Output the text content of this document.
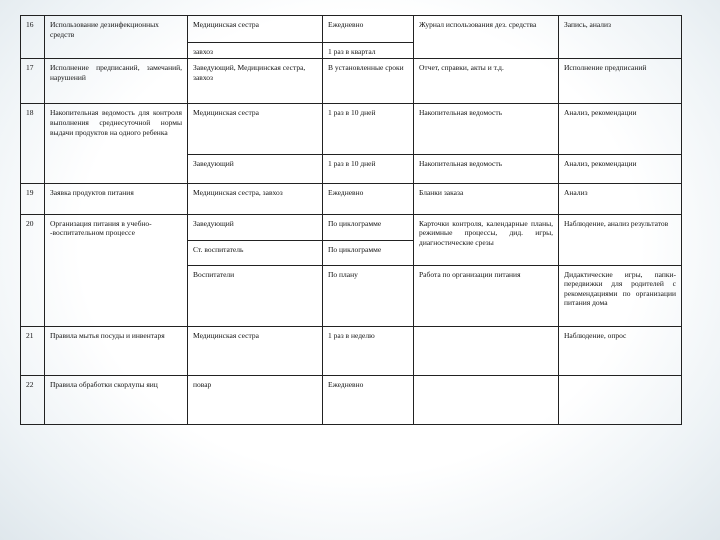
16	Использование дезинфекционных средств	Медицинская сестра	Ежедневно	Журнал использования дез. средства	Запись, анализ
		завхоз	1 раз в квартал		
17	Исполнение предписаний, замечаний, нарушений	Заведующий, Медицинская сестра, завхоз	В установленные сроки	Отчет, справки, акты и т.д.	Исполнение предписаний
18	Накопительная ведомость для контроля выполнения среднесуточной нормы выдачи продуктов на одного ребенка	Медицинская сестра	1 раз в 10 дней	Накопительная ведомость	Анализ, рекомендации
		Заведующий	1 раз в 10 дней	Накопительная ведомость	Анализ, рекомендации
19	Заявка продуктов питания	Медицинская сестра, завхоз	Ежедневно	Бланки заказа	Анализ
20	Организация питания в учебно- -воспитательном процессе	Заведующий	По циклограмме	Карточки контроля, календарные планы, режимные процессы, дид. игры, диагностические срезы	Наблюдение, анализ результатов
		Ст. воспитатель	По циклограмме		
		Воспитатели	По плану	Работа по организации питания	Дидактические игры, папки-передвижки для родителей с рекомендациями по организации питания дома
21	Правила мытья посуды и инвентаря	Медицинская сестра	1 раз в неделю		Наблюдение, опрос
22	Правила обработки скорлупы яиц	повар	Ежедневно		
